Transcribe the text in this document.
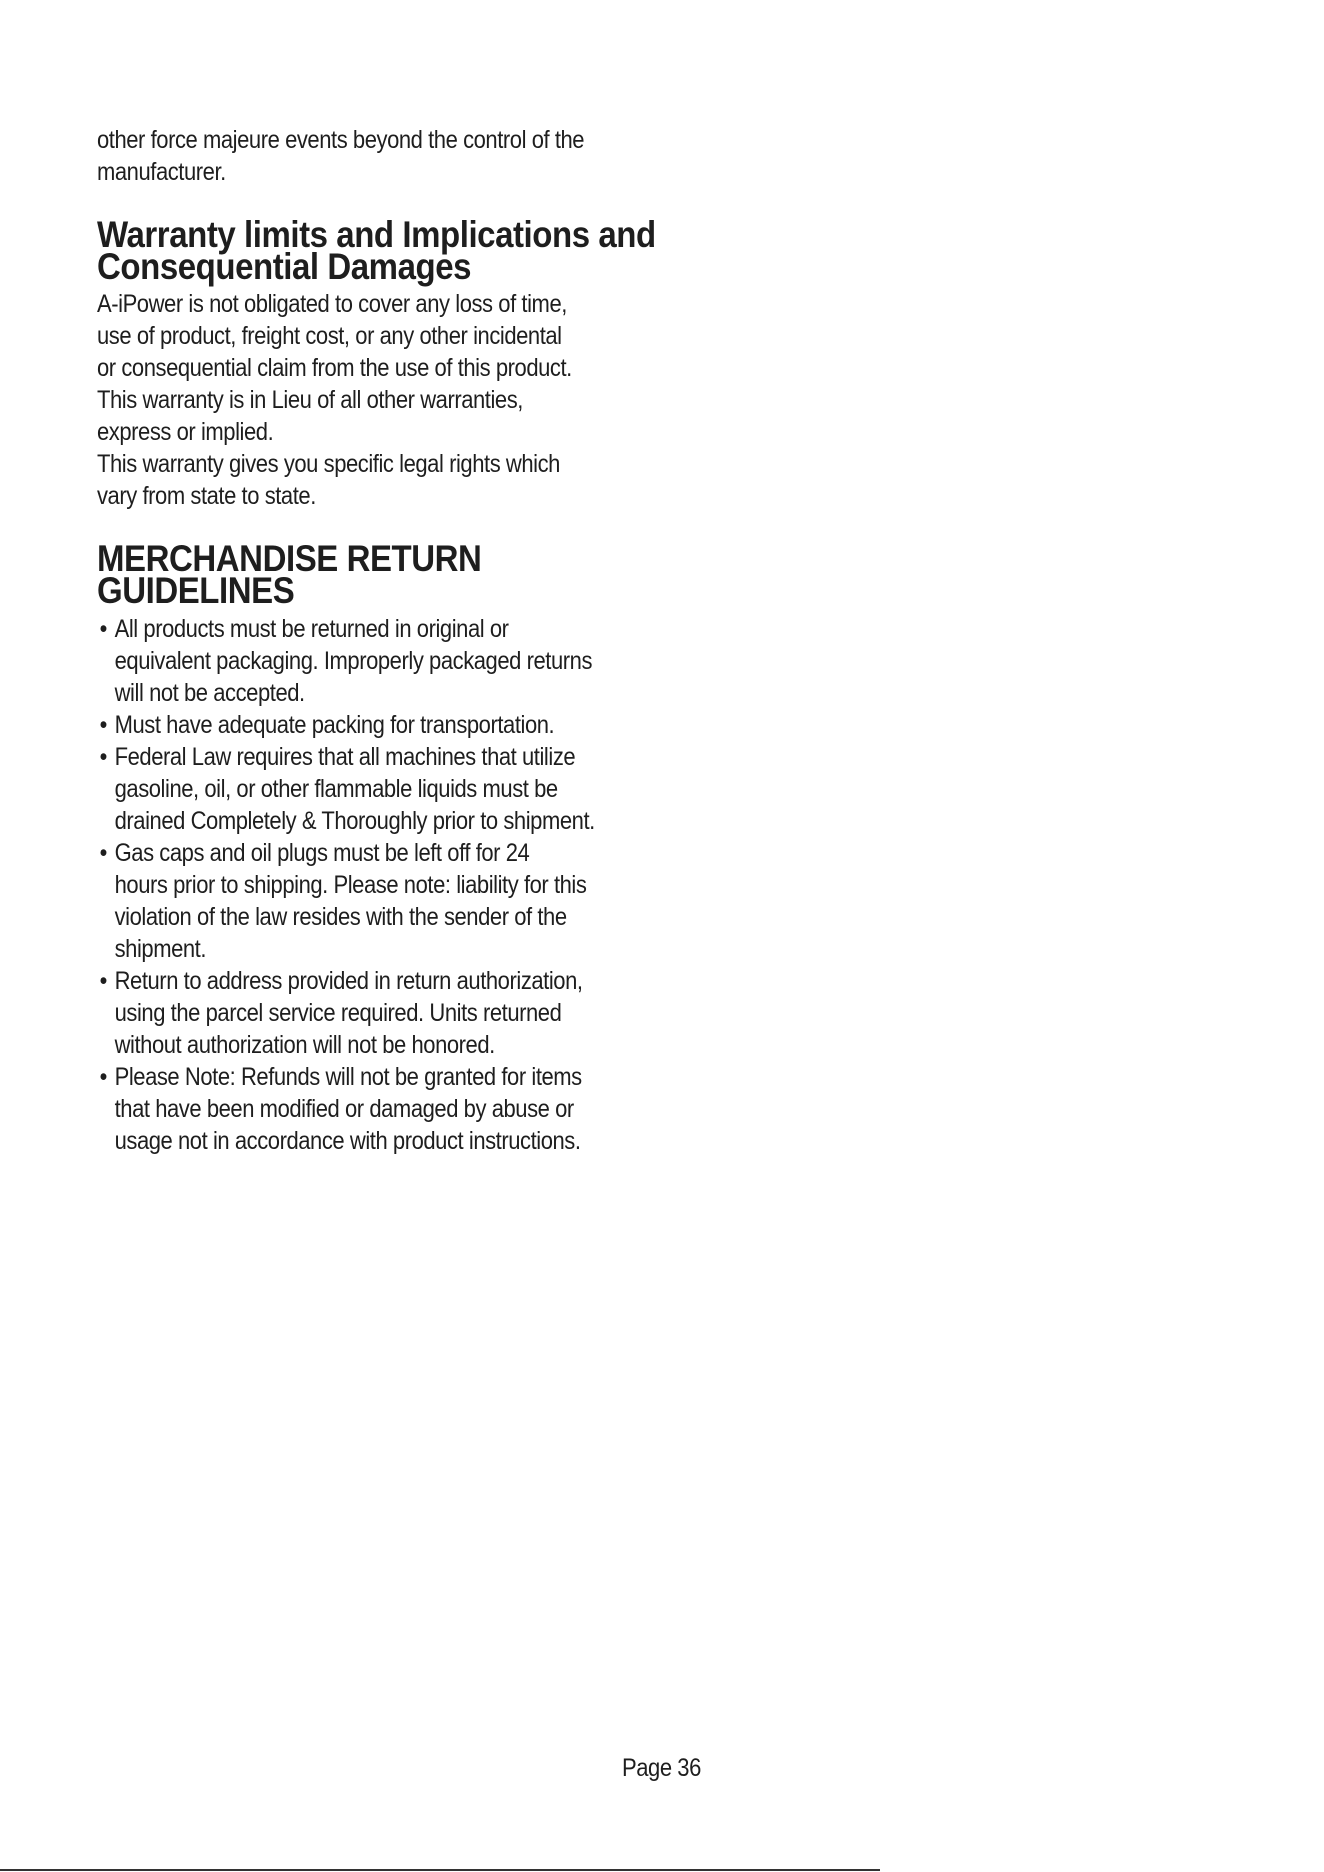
other force majeure events beyond the control of the
manufacturer.

Warranty limits and Implications and
Consequential Damages

A-iPower is not obligated to cover any loss of time,
use of product, freight cost, or any other incidental
or consequential claim from the use of this product.
This warranty is in Lieu of all other warranties,
express or implied.
This warranty gives you specific legal rights which
vary from state to state.

MERCHANDISE RETURN GUIDELINES
• All products must be returned in original or
equivalent packaging. Improperly packaged returns
will not be accepted.
• Must have adequate packing for transportation.
• Federal Law requires that all machines that utilize
gasoline, oil, or other flammable liquids must be
drained Completely & Thoroughly prior to shipment.
• Gas caps and oil plugs must be left off for 24
hours prior to shipping. Please note: liability for this
violation of the law resides with the sender of the
shipment.
• Return to address provided in return authorization,
using the parcel service required. Units returned
without authorization will not be honored.
• Please Note: Refunds will not be granted for items
that have been modified or damaged by abuse or
usage not in accordance with product instructions.
Page 36
